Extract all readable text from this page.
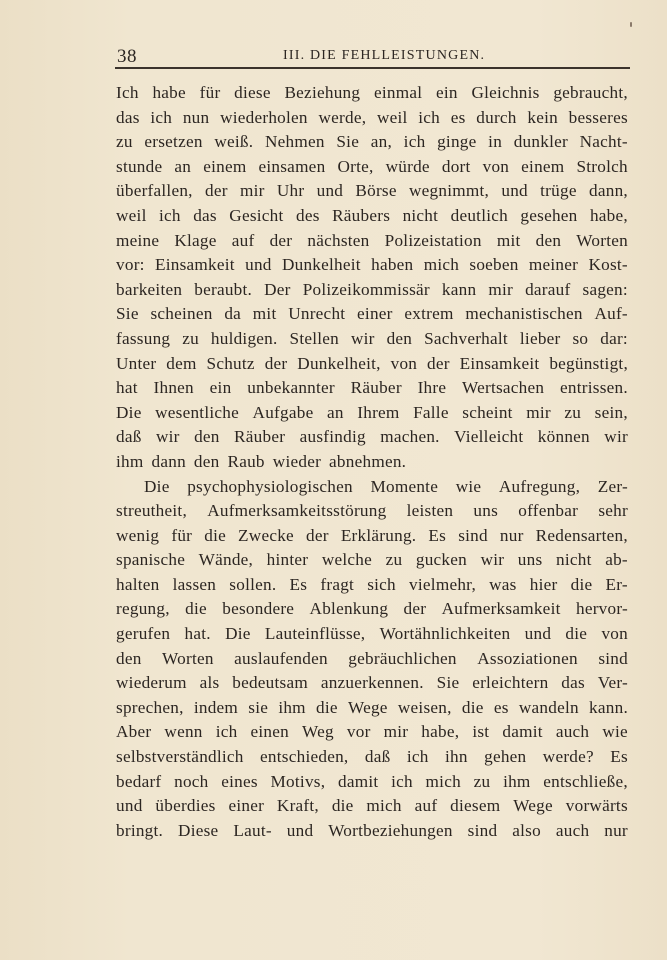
38	III. DIE FEHLLEISTUNGEN.
Ich habe für diese Beziehung einmal ein Gleichnis gebraucht,
das ich nun wiederholen werde, weil ich es durch kein besseres
zu ersetzen weiß. Nehmen Sie an, ich ginge in dunkler Nacht-
stunde an einem einsamen Orte, würde dort von einem Strolch
überfallen, der mir Uhr und Börse wegnimmt, und trüge dann,
weil ich das Gesicht des Räubers nicht deutlich gesehen habe,
meine Klage auf der nächsten Polizeistation mit den Worten
vor: Einsamkeit und Dunkelheit haben mich soeben meiner Kost-
barkeiten beraubt. Der Polizeikommissär kann mir darauf sagen:
Sie scheinen da mit Unrecht einer extrem mechanistischen Auf-
fassung zu huldigen. Stellen wir den Sachverhalt lieber so dar:
Unter dem Schutz der Dunkelheit, von der Einsamkeit begünstigt,
hat Ihnen ein unbekannter Räuber Ihre Wertsachen entrissen.
Die wesentliche Aufgabe an Ihrem Falle scheint mir zu sein,
daß wir den Räuber ausfindig machen. Vielleicht können wir
ihm dann den Raub wieder abnehmen.
Die psychophysiologischen Momente wie Aufregung, Zer-
streutheit, Aufmerksamkeitsstörung leisten uns offenbar sehr
wenig für die Zwecke der Erklärung. Es sind nur Redensarten,
spanische Wände, hinter welche zu gucken wir uns nicht ab-
halten lassen sollen. Es fragt sich vielmehr, was hier die Er-
regung, die besondere Ablenkung der Aufmerksamkeit hervor-
gerufen hat. Die Lauteinflüsse, Wortähnlichkeiten und die von
den Worten auslaufenden gebräuchlichen Assoziationen sind
wiederum als bedeutsam anzuerkennen. Sie erleichtern das Ver-
sprechen, indem sie ihm die Wege weisen, die es wandeln kann.
Aber wenn ich einen Weg vor mir habe, ist damit auch wie
selbstverständlich entschieden, daß ich ihn gehen werde? Es
bedarf noch eines Motivs, damit ich mich zu ihm entschließe,
und überdies einer Kraft, die mich auf diesem Wege vorwärts
bringt. Diese Laut- und Wortbeziehungen sind also auch nur
